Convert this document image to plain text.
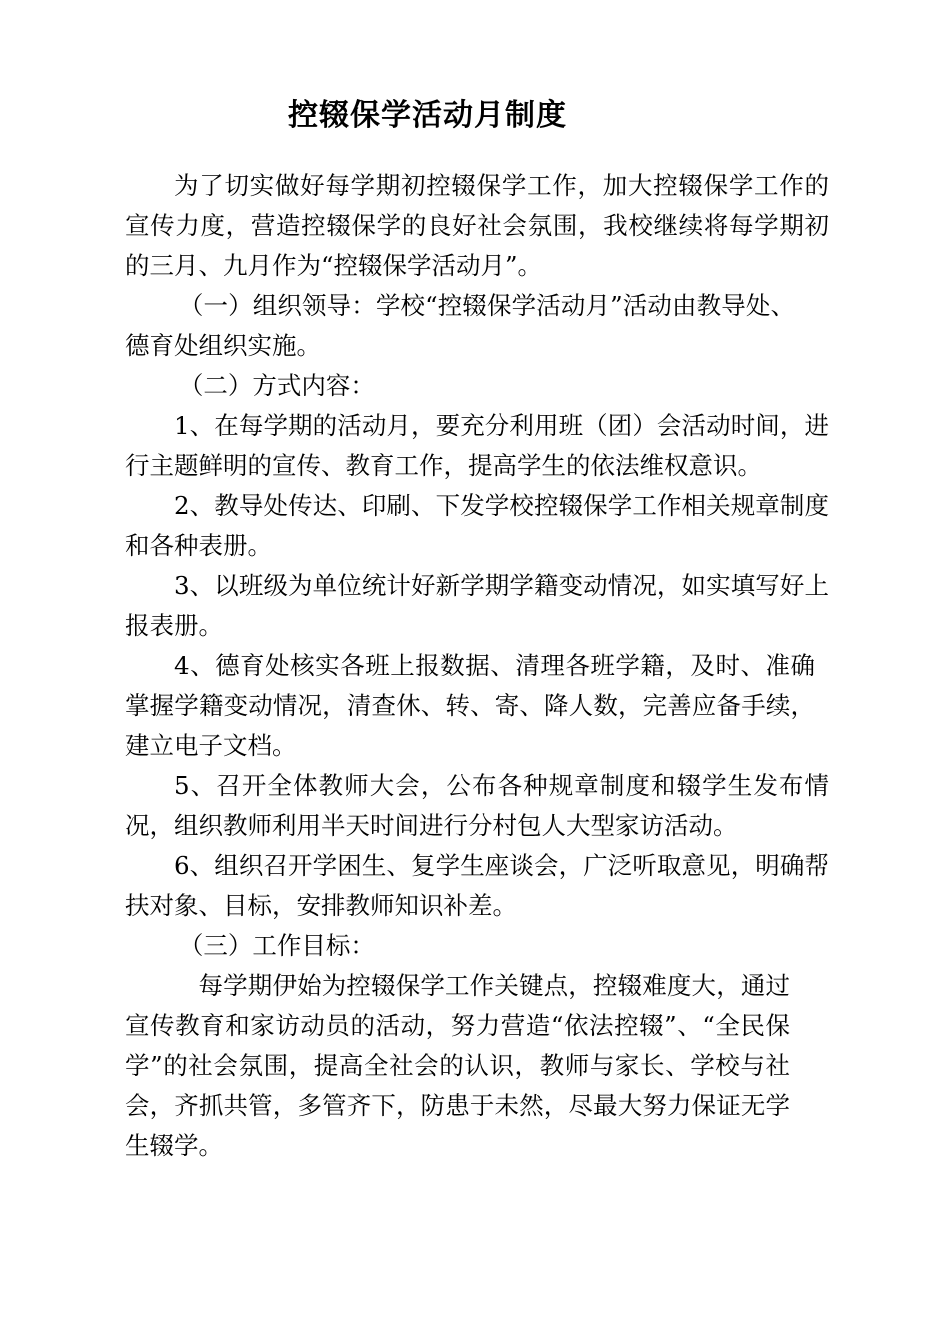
控辍保学活动月制度

为了切实做好每学期初控辍保学工作，加大控辍保学工作的宣传力度，营造控辍保学的良好社会氛围，我校继续将每学期初的三月、九月作为“控辍保学活动月”。

（一）组织领导：学校“控辍保学活动月”活动由教导处、德育处组织实施。

（二）方式内容：

1、在每学期的活动月，要充分利用班（团）会活动时间，进行主题鲜明的宣传、教育工作，提高学生的依法维权意识。

2、教导处传达、印刷、下发学校控辍保学工作相关规章制度和各种表册。

3、以班级为单位统计好新学期学籍变动情况，如实填写好上报表册。

4、德育处核实各班上报数据、清理各班学籍，及时、准确掌握学籍变动情况，清查休、转、寄、降人数，完善应备手续，建立电子文档。

5、召开全体教师大会，公布各种规章制度和辍学生发布情况，组织教师利用半天时间进行分村包人大型家访活动。

6、组织召开学困生、复学生座谈会，广泛听取意见，明确帮扶对象、目标，安排教师知识补差。

（三）工作目标：

每学期伊始为控辍保学工作关键点，控辍难度大，通过宣传教育和家访动员的活动，努力营造“依法控辍”、“全民保学”的社会氛围，提高全社会的认识，教师与家长、学校与社会，齐抓共管，多管齐下，防患于未然，尽最大努力保证无学生辍学。
